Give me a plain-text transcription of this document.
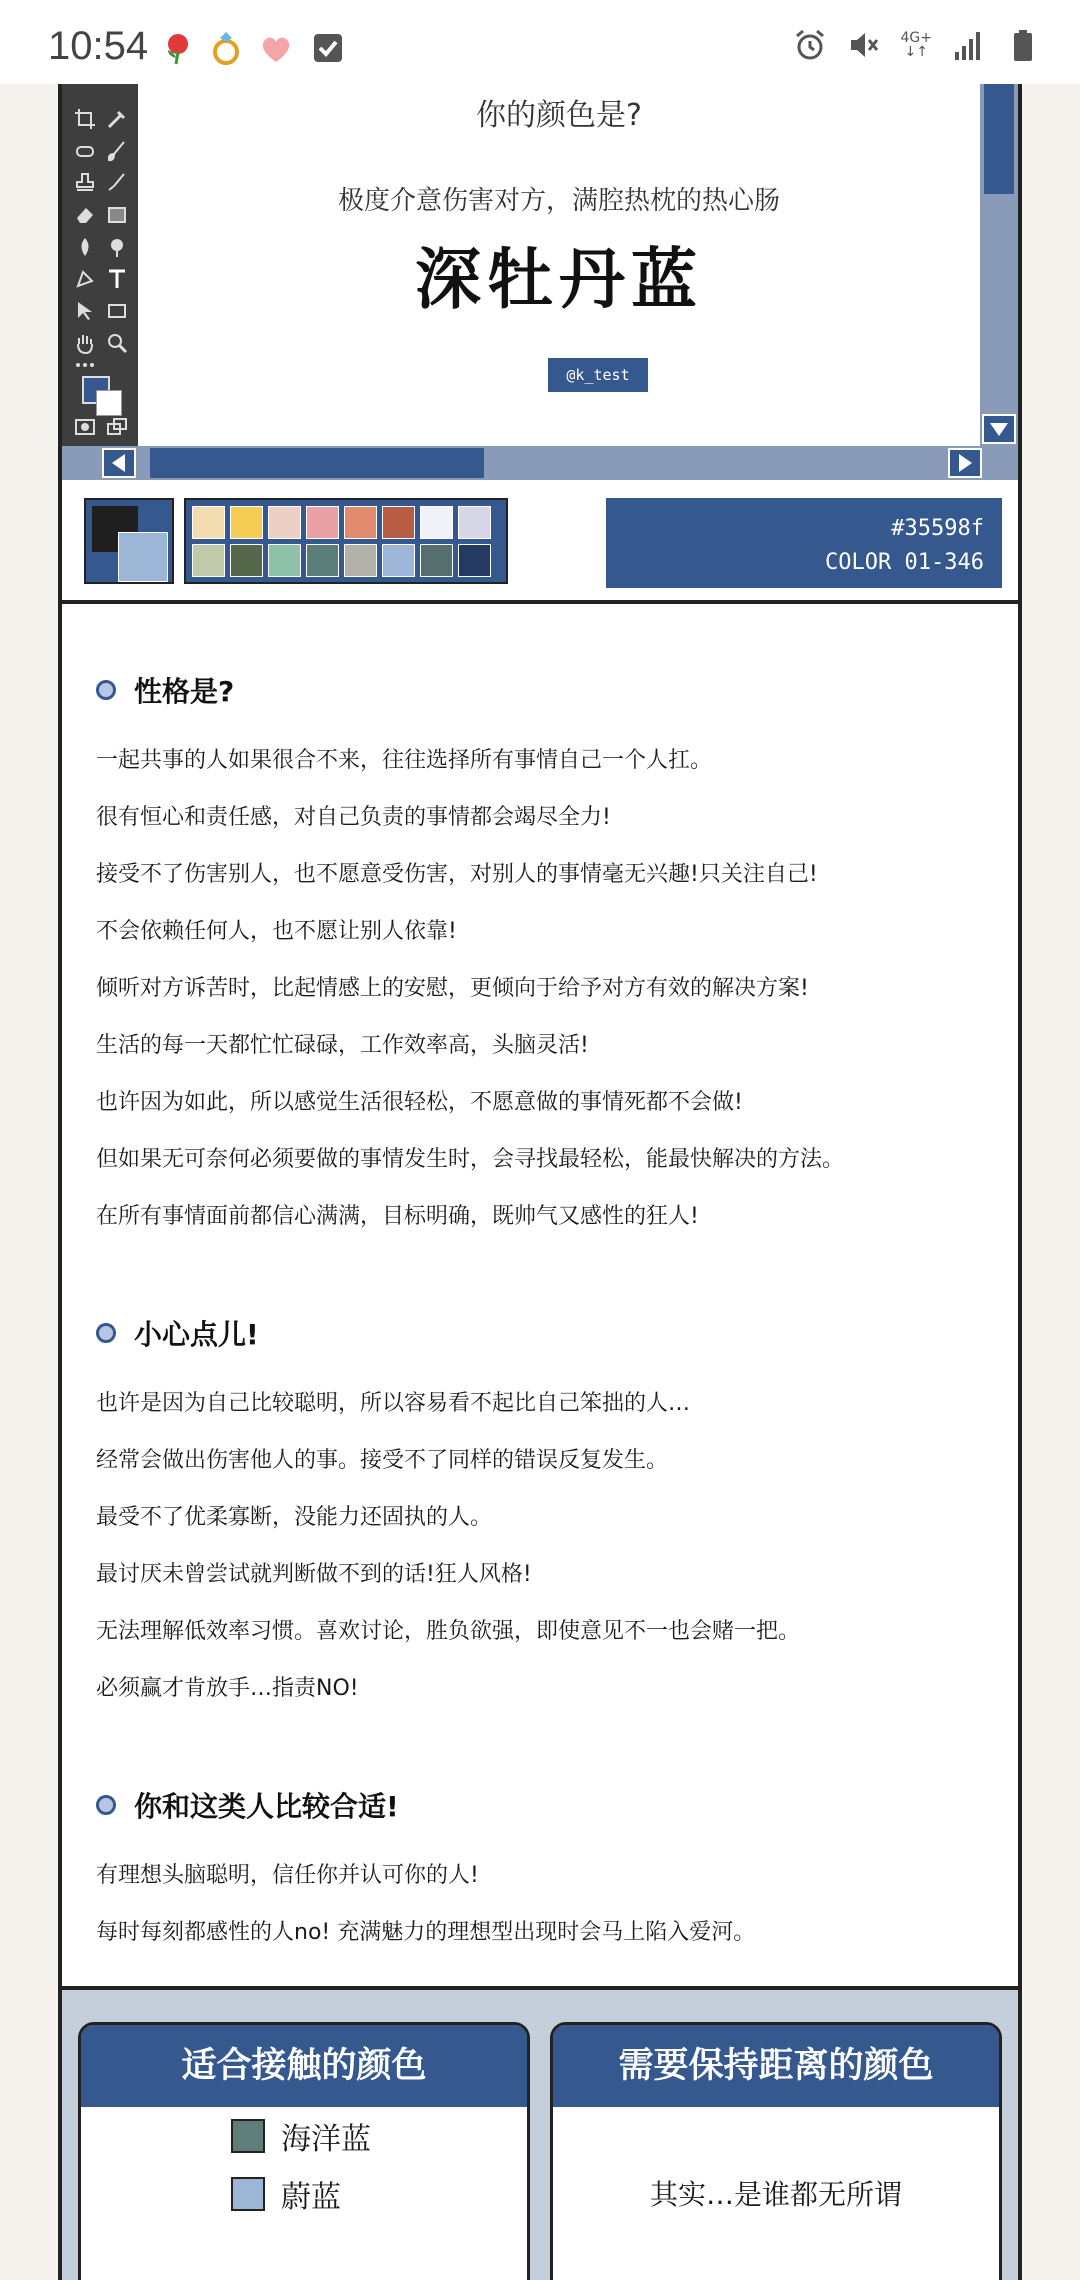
10:54	4G+
↓↑
你的颜色是?
极度介意伤害对方，满腔热枕的热心肠
深牡丹蓝
@k_test
#35598f
COLOR 01-346
性格是?
一起共事的人如果很合不来，往往选择所有事情自己一个人扛。
很有恒心和责任感，对自己负责的事情都会竭尽全力!
接受不了伤害别人，也不愿意受伤害，对别人的事情毫无兴趣!只关注自己!
不会依赖任何人，也不愿让别人依靠!
倾听对方诉苦时，比起情感上的安慰，更倾向于给予对方有效的解决方案!
生活的每一天都忙忙碌碌，工作效率高，头脑灵活!
也许因为如此，所以感觉生活很轻松，不愿意做的事情死都不会做!
但如果无可奈何必须要做的事情发生时，会寻找最轻松，能最快解决的方法。
在所有事情面前都信心满满，目标明确，既帅气又感性的狂人!
小心点儿!
也许是因为自己比较聪明，所以容易看不起比自己笨拙的人…
经常会做出伤害他人的事。接受不了同样的错误反复发生。
最受不了优柔寡断，没能力还固执的人。
最讨厌未曾尝试就判断做不到的话!狂人风格!
无法理解低效率习惯。喜欢讨论，胜负欲强，即使意见不一也会赌一把。
必须赢才肯放手…指责NO!
你和这类人比较合适!
有理想头脑聪明，信任你并认可你的人!
每时每刻都感性的人no! 充满魅力的理想型出现时会马上陷入爱河。
适合接触的颜色
海洋蓝
蔚蓝
需要保持距离的颜色
其实…是谁都无所谓
